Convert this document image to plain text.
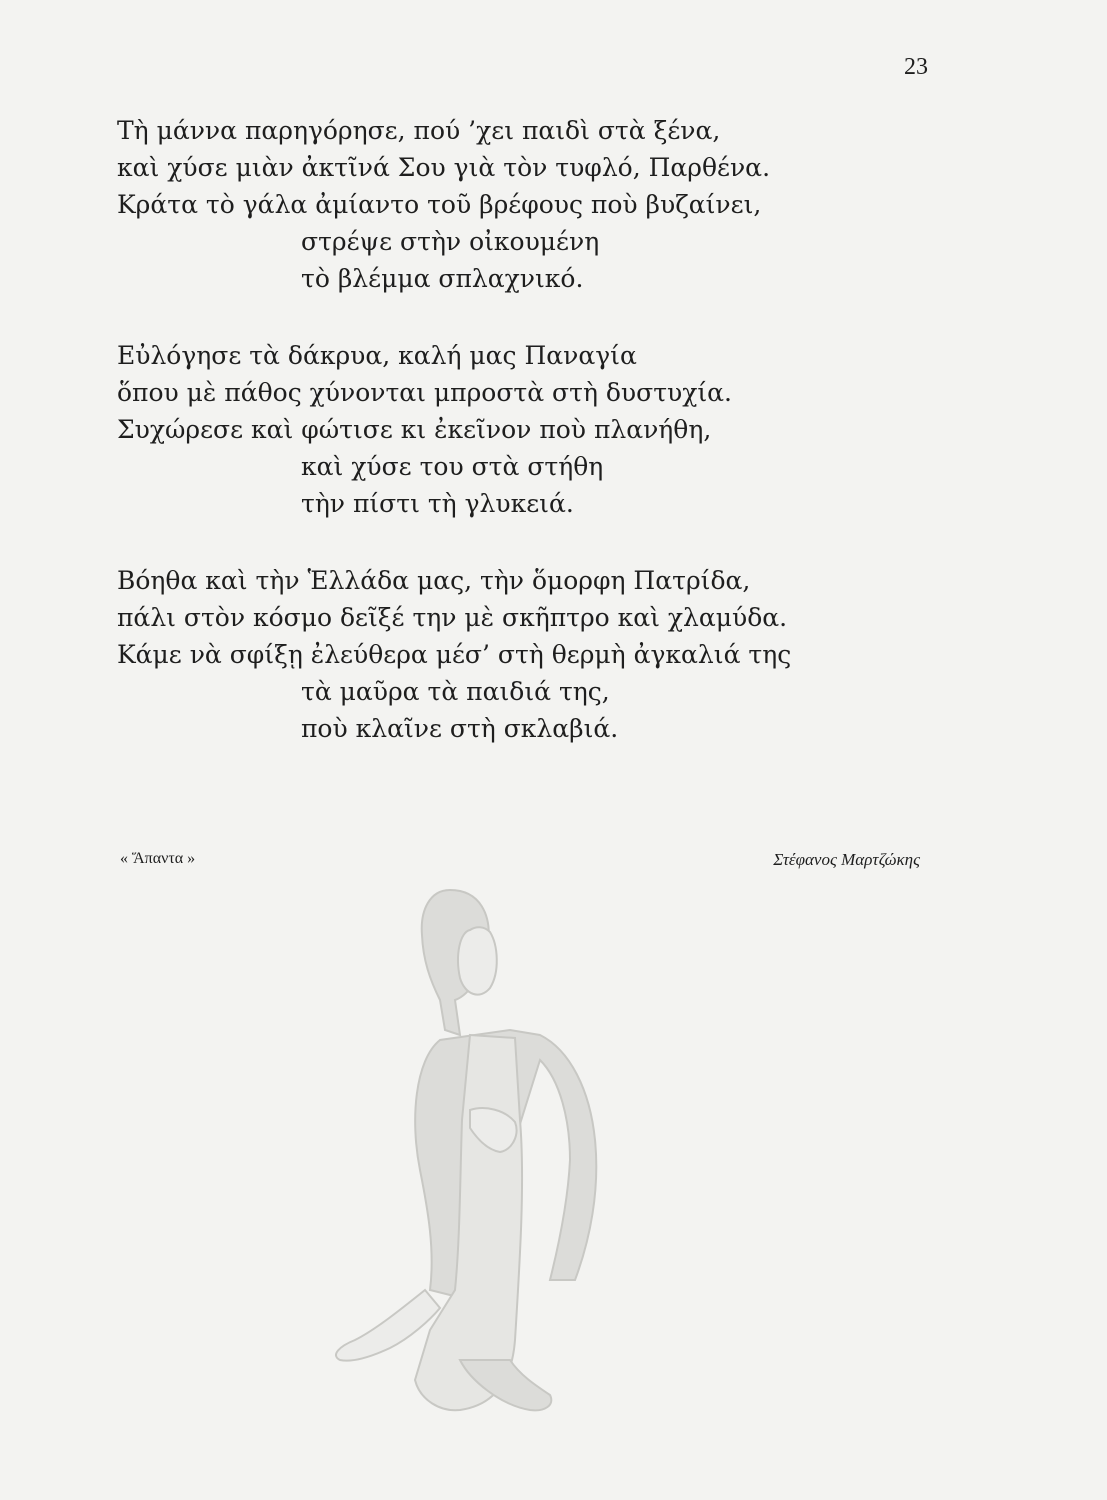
23
Τὴ μάννα παρηγόρησε, πού ’χει παιδὶ στὰ ξένα,
καὶ χύσε μιὰν ἀκτῖνά Σου γιὰ τὸν τυφλό, Παρθένα.
Κράτα τὸ γάλα ἀμίαντο τοῦ βρέφους ποὺ βυζαίνει,
στρέψε στὴν οἰκουμένη
τὸ βλέμμα σπλαχνικό.
Εὐλόγησε τὰ δάκρυα, καλή μας Παναγία
ὅπου μὲ πάθος χύνονται μπροστὰ στὴ δυστυχία.
Συχώρεσε καὶ φώτισε κι ἐκεῖνον ποὺ πλανήθη,
καὶ χύσε του στὰ στήθη
τὴν πίστι τὴ γλυκειά.
Βόηθα καὶ τὴν Ἑλλάδα μας, τὴν ὅμορφη Πατρίδα,
πάλι στὸν κόσμο δεῖξέ την μὲ σκῆπτρο καὶ χλαμύδα.
Κάμε νὰ σφίξῃ ἐλεύθερα μέσ’ στὴ θερμὴ ἀγκαλιά της
τὰ μαῦρα τὰ παιδιά της,
ποὺ κλαῖνε στὴ σκλαβιά.
« Ἅπαντα »	Στέφανος Μαρτζώκης
